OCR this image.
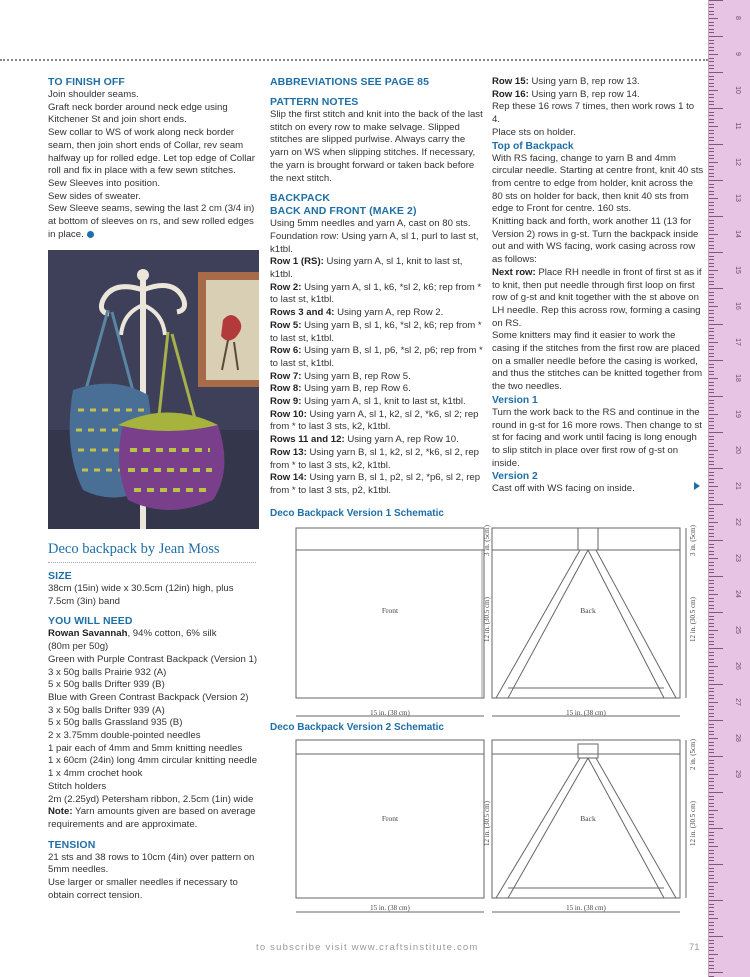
8
9
10
11
12
13
14
15
16
17
18
19
20
21
22
23
24
25
26
27
28
29
TO FINISH OFF

Join shoulder seams.

Graft neck border around neck edge using Kitchener St and join short ends.

Sew collar to WS of work along neck border seam, then join short ends of Collar, rev seam halfway up for rolled edge. Let top edge of Collar roll and fix in place with a few sewn stitches.

Sew Sleeves into position.

Sew sides of sweater.

Sew Sleeve seams, sewing the last 2 cm (3/4 in) at bottom of sleeves on rs, and sew rolled edges in place.

Deco backpack by Jean Moss
SIZE

38cm (15in) wide x 30.5cm (12in) high, plus 7.5cm (3in) band

YOU WILL NEED

Rowan Savannah, 94% cotton, 6% silk

(80m per 50g)

Green with Purple Contrast Backpack (Version 1)

3 x 50g balls Prairie 932 (A)

5 x 50g balls Drifter 939 (B)

Blue with Green Contrast Backpack (Version 2)

3 x 50g balls Drifter 939 (A)

5 x 50g balls Grassland 935 (B)

2 x 3.75mm double-pointed needles

1 pair each of 4mm and 5mm knitting needles

1 x 60cm (24in) long 4mm circular knitting needle

1 x 4mm crochet hook

Stitch holders

2m (2.25yd) Petersham ribbon, 2.5cm (1in) wide

Note: Yarn amounts given are based on average requirements and are approximate.

TENSION

21 sts and 38 rows to 10cm (4in) over pattern on 5mm needles.

Use larger or smaller needles if necessary to obtain correct tension.

ABBREVIATIONS SEE PAGE 85
PATTERN NOTES

Slip the first stitch and knit into the back of the last stitch on every row to make selvage. Slipped stitches are slipped purlwise. Always carry the yarn on WS when slipping stitches. If necessary, the yarn is brought forward or taken back before the next stitch.

BACKPACK
BACK AND FRONT (MAKE 2)

Using 5mm needles and yarn A, cast on 80 sts. Foundation row: Using yarn A, sl 1, purl to last st, k1tbl.

Row 1 (RS): Using yarn A, sl 1, knit to last st, k1tbl.

Row 2: Using yarn A, sl 1, k6, *sl 2, k6; rep from * to last st, k1tbl.

Rows 3 and 4: Using yarn A, rep Row 2.

Row 5: Using yarn B, sl 1, k6, *sl 2, k6; rep from * to last st, k1tbl.

Row 6: Using yarn B, sl 1, p6, *sl 2, p6; rep from * to last st, k1tbl.

Row 7: Using yarn B, rep Row 5.

Row 8: Using yarn B, rep Row 6.

Row 9: Using yarn A, sl 1, knit to last st, k1tbl.

Row 10: Using yarn A, sl 1, k2, sl 2, *k6, sl 2; rep from * to last 3 sts, k2, k1tbl.

Rows 11 and 12: Using yarn A, rep Row 10.

Row 13: Using yarn B, sl 1, k2, sl 2, *k6, sl 2, rep from * to last 3 sts, k2, k1tbl.

Row 14: Using yarn B, sl 1, p2, sl 2, *p6, sl 2, rep from * to last 3 sts, p2, k1tbl.

Row 15: Using yarn B, rep row 13.

Row 16: Using yarn B, rep row 14.

Rep these 16 rows 7 times, then work rows 1 to 4.

Place sts on holder.

Top of Backpack

With RS facing, change to yarn B and 4mm circular needle. Starting at centre front, knit 40 sts from centre to edge from holder, knit across the 80 sts on holder for back, then knit 40 sts from edge to Front for centre. 160 sts.

Knitting back and forth, work another 11 (13 for Version 2) rows in g-st. Turn the backpack inside out and with WS facing, work casing across row as follows:

Next row: Place RH needle in front of first st as if to knit, then put needle through first loop on first row of g-st and knit together with the st above on LH needle. Rep this across row, forming a casing on RS.

Some knitters may find it easier to work the casing if the stitches from the first row are placed on a smaller needle before the casing is worked, and thus the stitches can be knitted together from the two needles.

Version 1

Turn the work back to the RS and continue in the round in g-st for 16 more rows. Then change to st st for facing and work until facing is long enough to slip stitch in place over first row of g-st on inside.

Version 2

Cast off with WS facing on inside.

Deco Backpack Version 1 Schematic
Front	Back
15 in. (38 cm)	15 in. (38 cm)
12 in. (30.5 cm)	12 in. (30.5 cm)
3 in. (5cm)	3 in. (5cm)
Deco Backpack Version 2 Schematic
Front	Back
15 in. (38 cm)	15 in. (38 cm)
12 in. (30.5 cm)	12 in. (30.5 cm)
2 in. (5cm)
to subscribe visit www.craftsinstitute.com	71
